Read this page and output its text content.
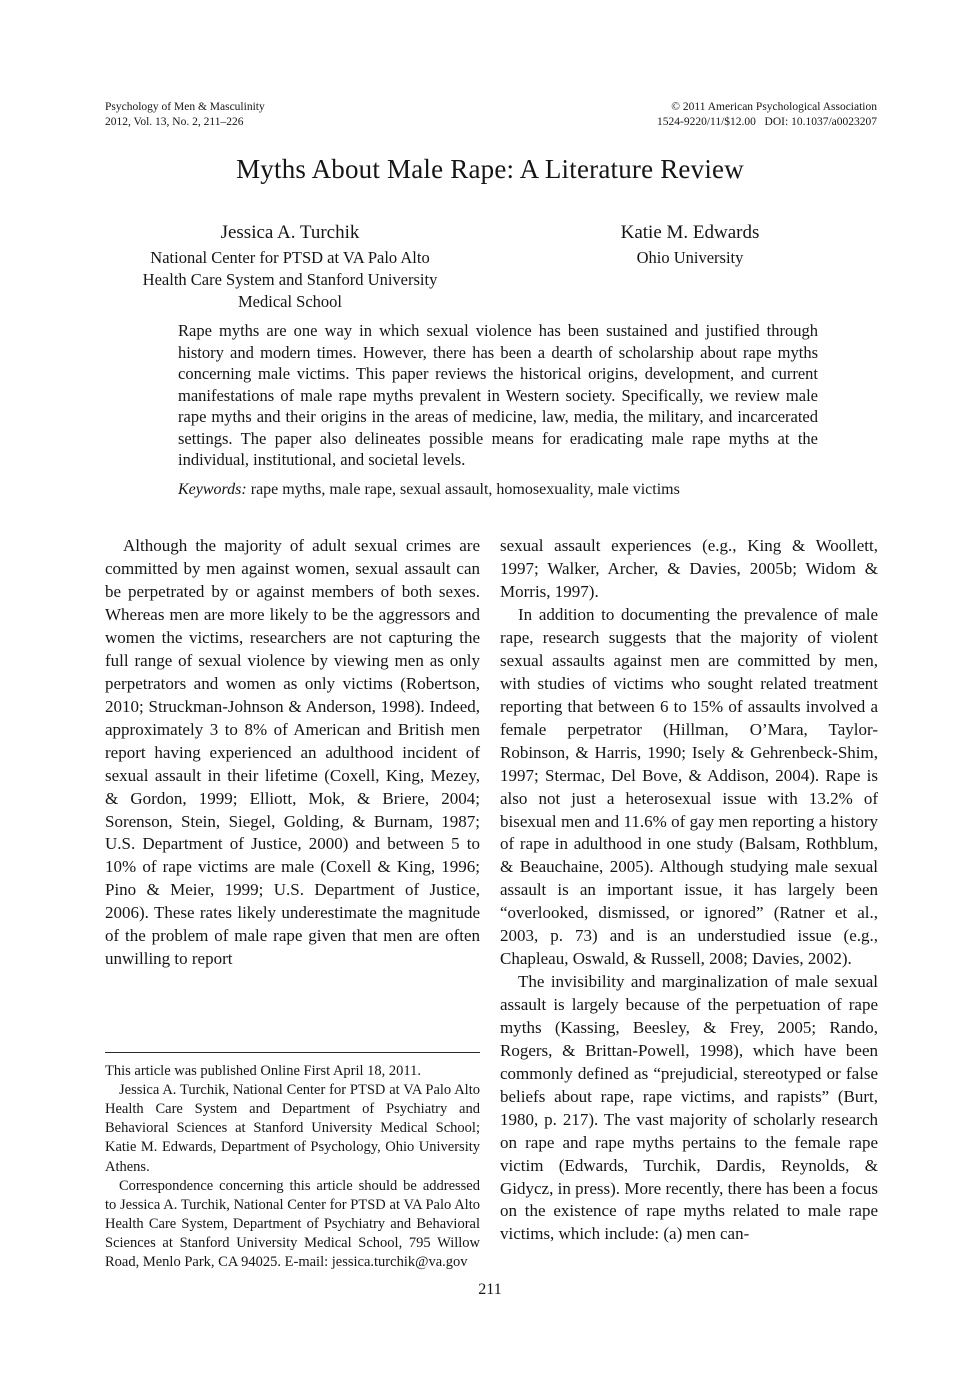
Psychology of Men & Masculinity
2012, Vol. 13, No. 2, 211–226
© 2011 American Psychological Association
1524-9220/11/$12.00   DOI: 10.1037/a0023207
Myths About Male Rape: A Literature Review
Jessica A. Turchik
National Center for PTSD at VA Palo Alto Health Care System and Stanford University Medical School
Katie M. Edwards
Ohio University
Rape myths are one way in which sexual violence has been sustained and justified through history and modern times. However, there has been a dearth of scholarship about rape myths concerning male victims. This paper reviews the historical origins, development, and current manifestations of male rape myths prevalent in Western society. Specifically, we review male rape myths and their origins in the areas of medicine, law, media, the military, and incarcerated settings. The paper also delineates possible means for eradicating male rape myths at the individual, institutional, and societal levels.
Keywords: rape myths, male rape, sexual assault, homosexuality, male victims

Although the majority of adult sexual crimes are committed by men against women, sexual assault can be perpetrated by or against members of both sexes. Whereas men are more likely to be the aggressors and women the victims, researchers are not capturing the full range of sexual violence by viewing men as only perpetrators and women as only victims (Robertson, 2010; Struckman-Johnson & Anderson, 1998). Indeed, approximately 3 to 8% of American and British men report having experienced an adulthood incident of sexual assault in their lifetime (Coxell, King, Mezey, & Gordon, 1999; Elliott, Mok, & Briere, 2004; Sorenson, Stein, Siegel, Golding, & Burnam, 1987; U.S. Department of Justice, 2000) and between 5 to 10% of rape victims are male (Coxell & King, 1996; Pino & Meier, 1999; U.S. Department of Justice, 2006). These rates likely underestimate the magnitude of the problem of male rape given that men are often unwilling to report

This article was published Online First April 18, 2011.

Jessica A. Turchik, National Center for PTSD at VA Palo Alto Health Care System and Department of Psychiatry and Behavioral Sciences at Stanford University Medical School; Katie M. Edwards, Department of Psychology, Ohio University Athens.

Correspondence concerning this article should be addressed to Jessica A. Turchik, National Center for PTSD at VA Palo Alto Health Care System, Department of Psychiatry and Behavioral Sciences at Stanford University Medical School, 795 Willow Road, Menlo Park, CA 94025. E-mail: jessica.turchik@va.gov

sexual assault experiences (e.g., King & Woollett, 1997; Walker, Archer, & Davies, 2005b; Widom & Morris, 1997).

In addition to documenting the prevalence of male rape, research suggests that the majority of violent sexual assaults against men are committed by men, with studies of victims who sought related treatment reporting that between 6 to 15% of assaults involved a female perpetrator (Hillman, O’Mara, Taylor-Robinson, & Harris, 1990; Isely & Gehrenbeck-Shim, 1997; Stermac, Del Bove, & Addison, 2004). Rape is also not just a heterosexual issue with 13.2% of bisexual men and 11.6% of gay men reporting a history of rape in adulthood in one study (Balsam, Rothblum, & Beauchaine, 2005). Although studying male sexual assault is an important issue, it has largely been “overlooked, dismissed, or ignored” (Ratner et al., 2003, p. 73) and is an understudied issue (e.g., Chapleau, Oswald, & Russell, 2008; Davies, 2002).

The invisibility and marginalization of male sexual assault is largely because of the perpetuation of rape myths (Kassing, Beesley, & Frey, 2005; Rando, Rogers, & Brittan-Powell, 1998), which have been commonly defined as “prejudicial, stereotyped or false beliefs about rape, rape victims, and rapists” (Burt, 1980, p. 217). The vast majority of scholarly research on rape and rape myths pertains to the female rape victim (Edwards, Turchik, Dardis, Reynolds, & Gidycz, in press). More recently, there has been a focus on the existence of rape myths related to male rape victims, which include: (a) men can-

211
